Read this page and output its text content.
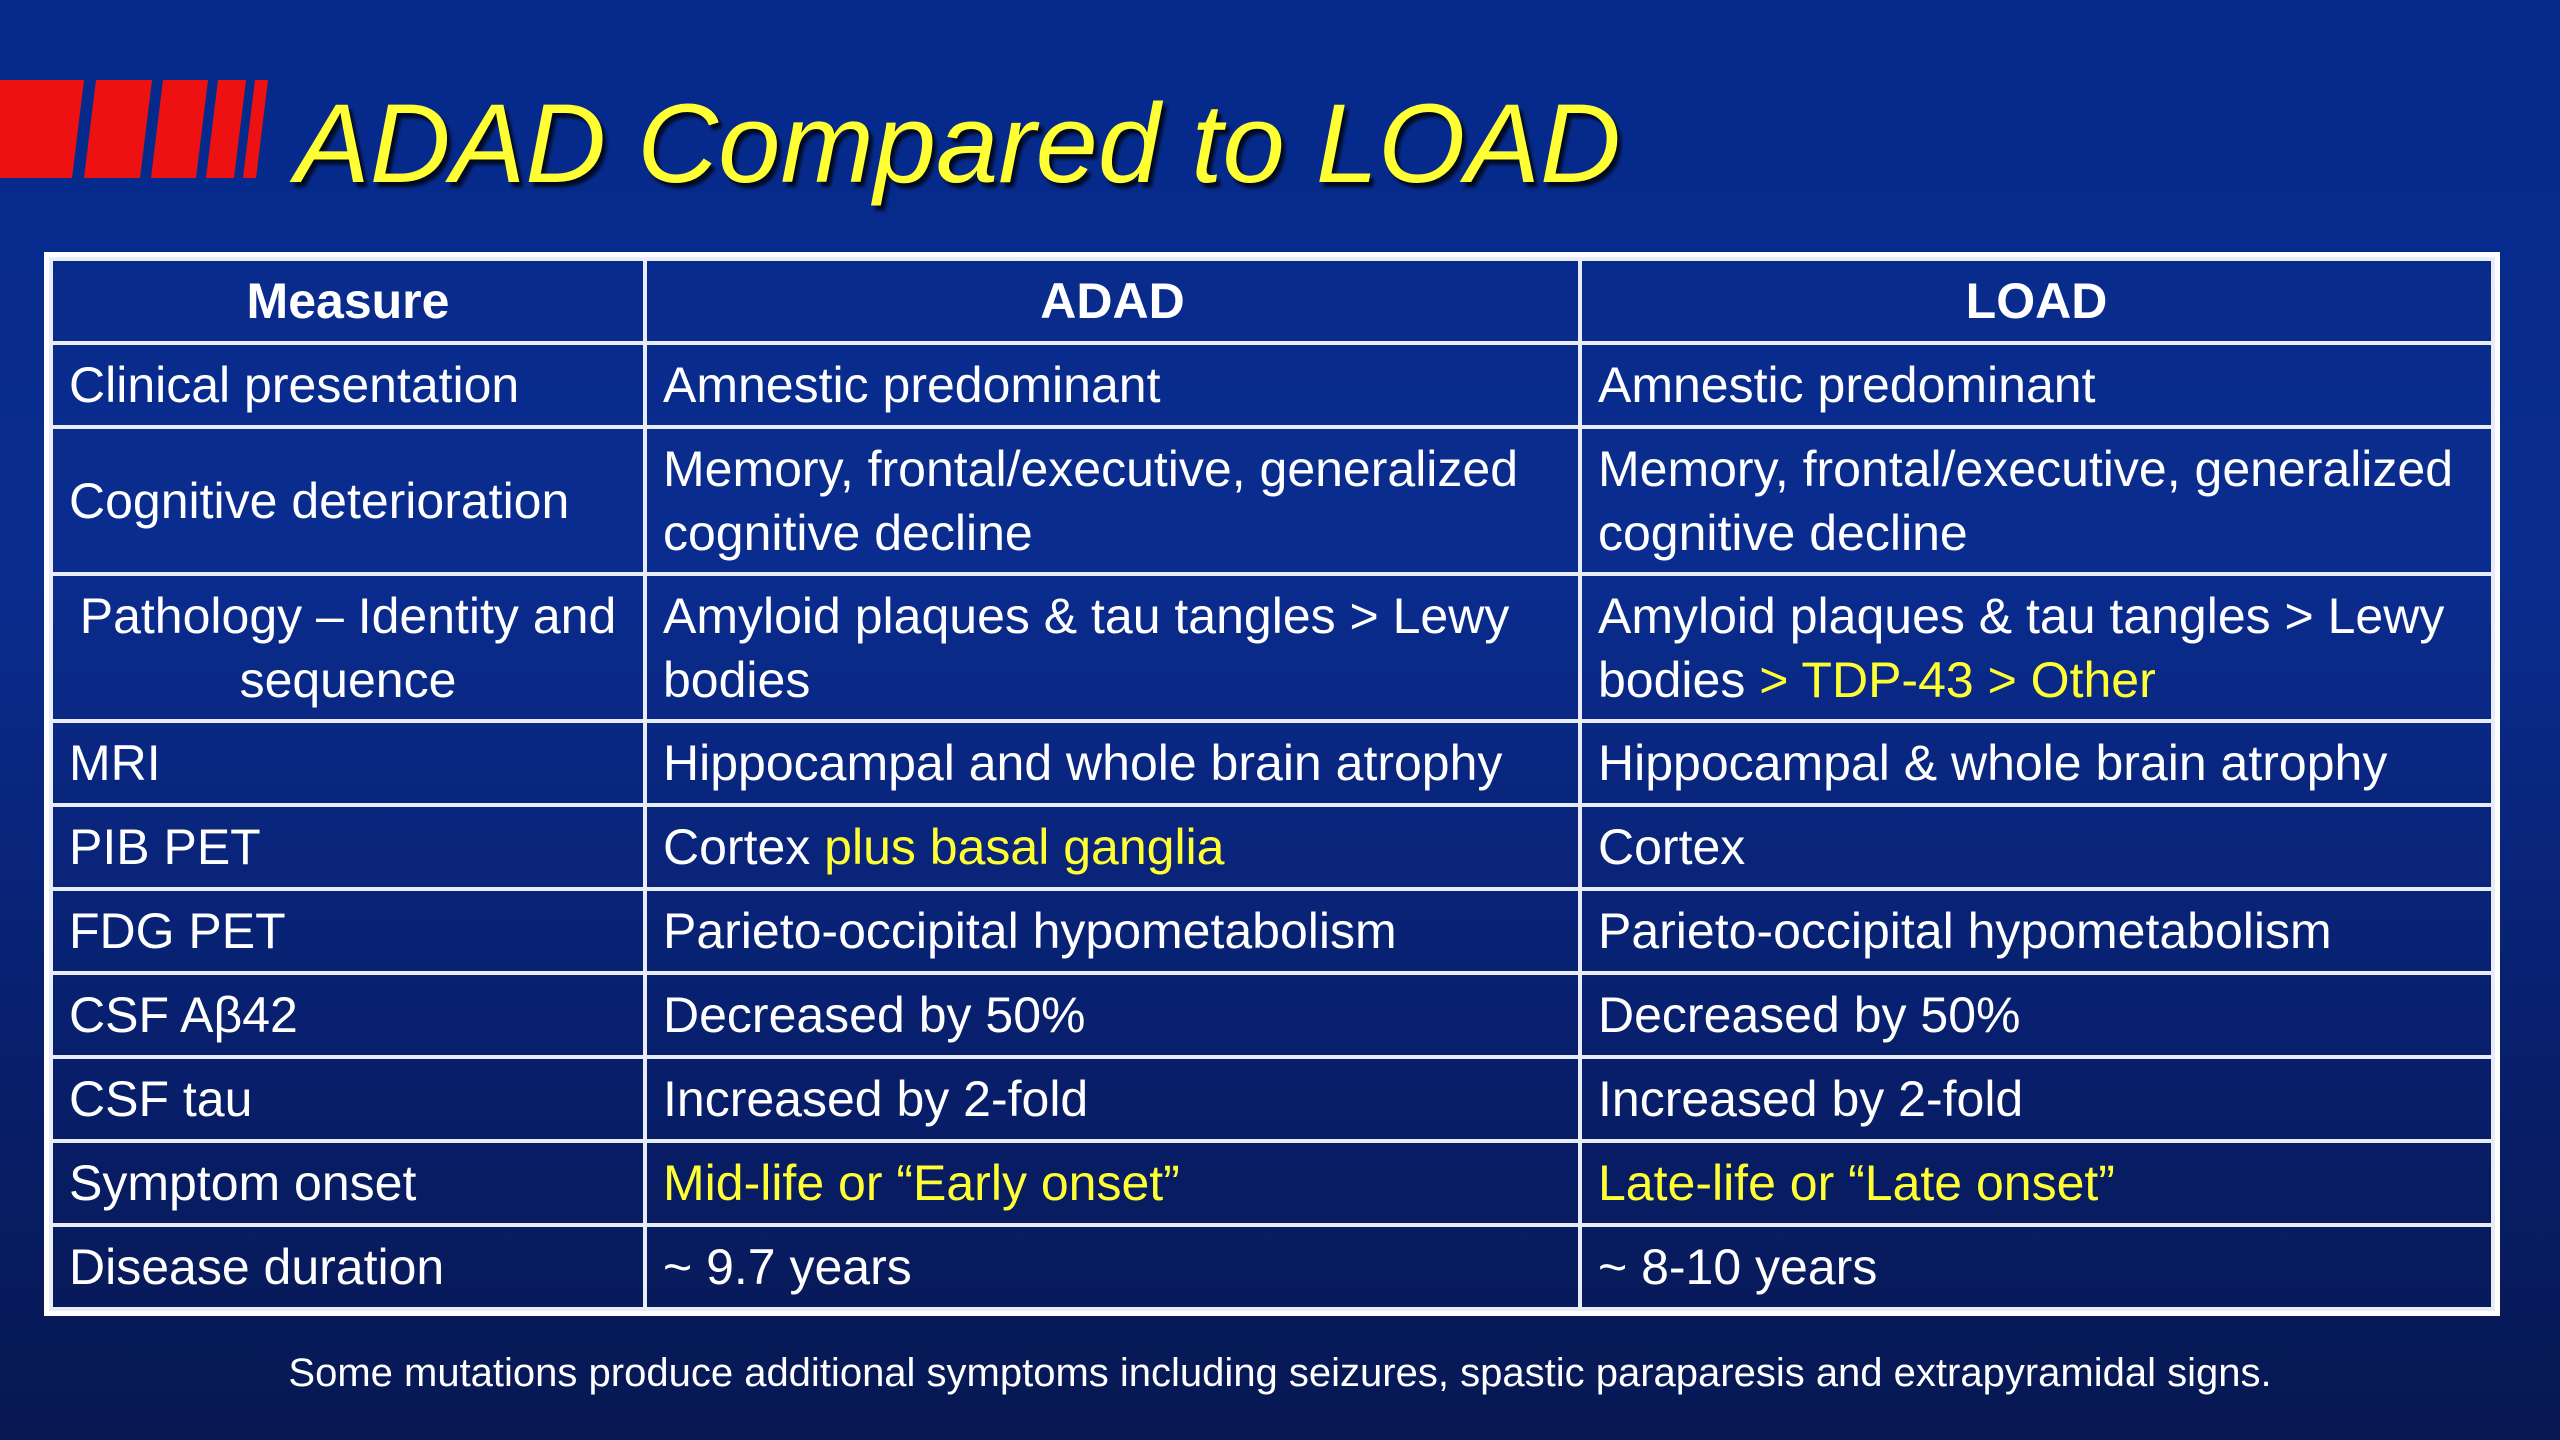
ADAD Compared to LOAD
Measure	ADAD	LOAD
Clinical presentation	Amnestic predominant	Amnestic predominant
Cognitive deterioration	Memory, frontal/executive, generalized cognitive decline	Memory, frontal/executive, generalized cognitive decline
Pathology – Identity and sequence	Amyloid plaques & tau tangles > Lewy bodies	Amyloid plaques & tau tangles > Lewy bodies > TDP-43 > Other
MRI	Hippocampal and whole brain atrophy	Hippocampal & whole brain atrophy
PIB PET	Cortex plus basal ganglia	Cortex
FDG PET	Parieto-occipital hypometabolism	Parieto-occipital hypometabolism
CSF Aβ42	Decreased by 50%	Decreased by 50%
CSF tau	Increased by 2-fold	Increased by 2-fold
Symptom onset	Mid-life or “Early onset”	Late-life or “Late onset”
Disease duration	~ 9.7 years	~ 8-10 years
Some mutations produce additional symptoms including seizures, spastic paraparesis and extrapyramidal signs.
